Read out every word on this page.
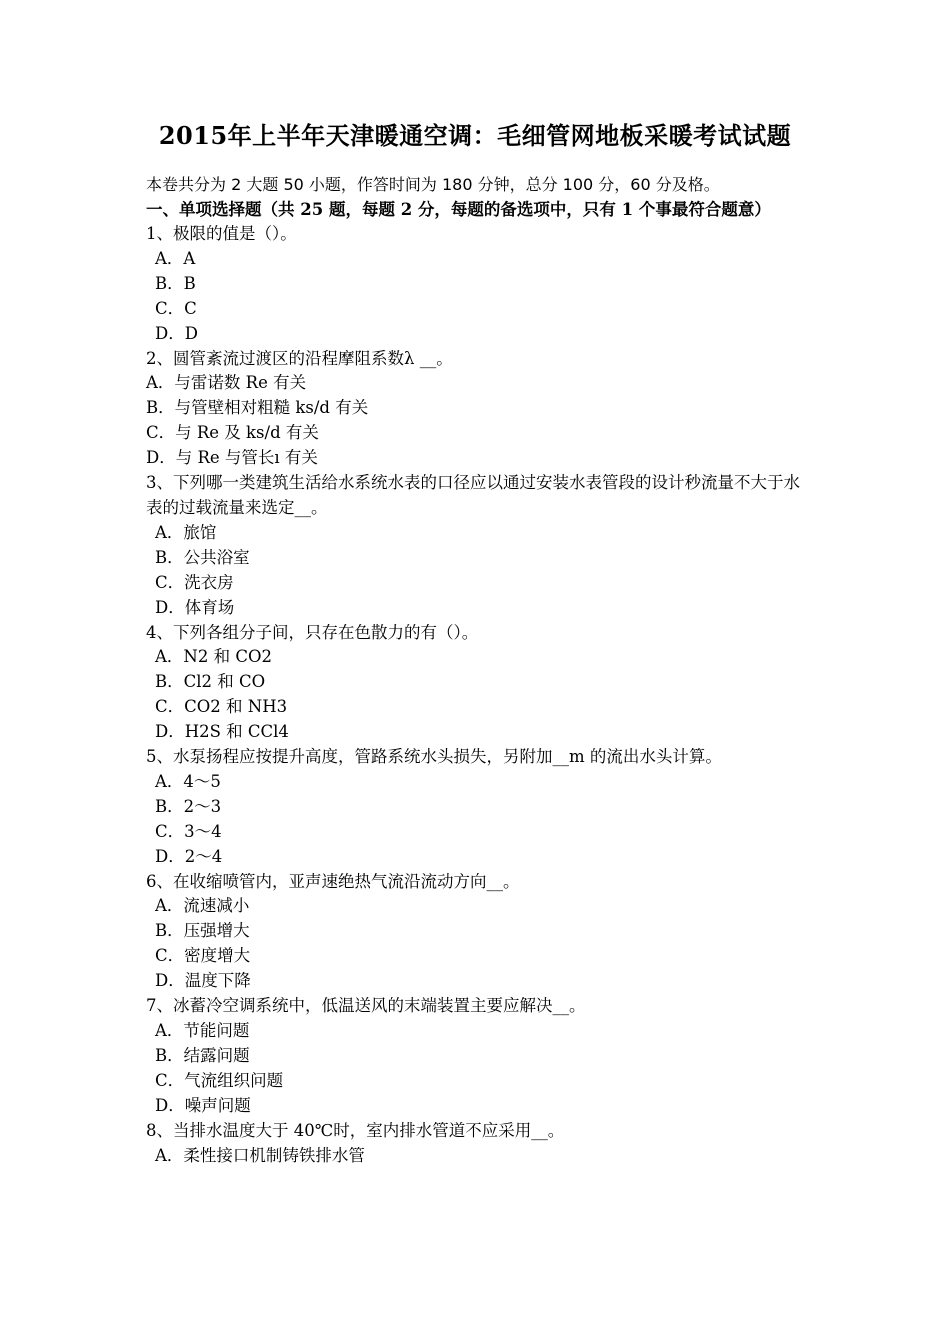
2015年上半年天津暖通空调：毛细管网地板采暖考试试题
本卷共分为 2 大题 50 小题，作答时间为 180 分钟，总分 100 分，60 分及格。
一、单项选择题（共 25 题，每题 2 分，每题的备选项中，只有 1 个事最符合题意）
1、极限的值是（）。
A．A
B．B
C．C
D．D
2、圆管紊流过渡区的沿程摩阻系数λ __。
A．与雷诺数 Re 有关
B．与管壁相对粗糙 ks/d 有关
C．与 Re 及 ks/d 有关
D．与 Re 与管长ı 有关
3、下列哪一类建筑生活给水系统水表的口径应以通过安装水表管段的设计秒流量不大于水表的过载流量来选定__。
A．旅馆
B．公共浴室
C．洗衣房
D．体育场
4、下列各组分子间，只存在色散力的有（）。
A．N2 和 CO2
B．Cl2 和 CO
C．CO2 和 NH3
D．H2S 和 CCl4
5、水泵扬程应按提升高度，管路系统水头损失，另附加__m 的流出水头计算。
A．4～5
B．2～3
C．3～4
D．2～4
6、在收缩喷管内，亚声速绝热气流沿流动方向__。
A．流速减小
B．压强增大
C．密度增大
D．温度下降
7、冰蓄冷空调系统中，低温送风的末端装置主要应解决__。
A．节能问题
B．结露问题
C．气流组织问题
D．噪声问题
8、当排水温度大于 40℃时，室内排水管道不应采用__。
A．柔性接口机制铸铁排水管
